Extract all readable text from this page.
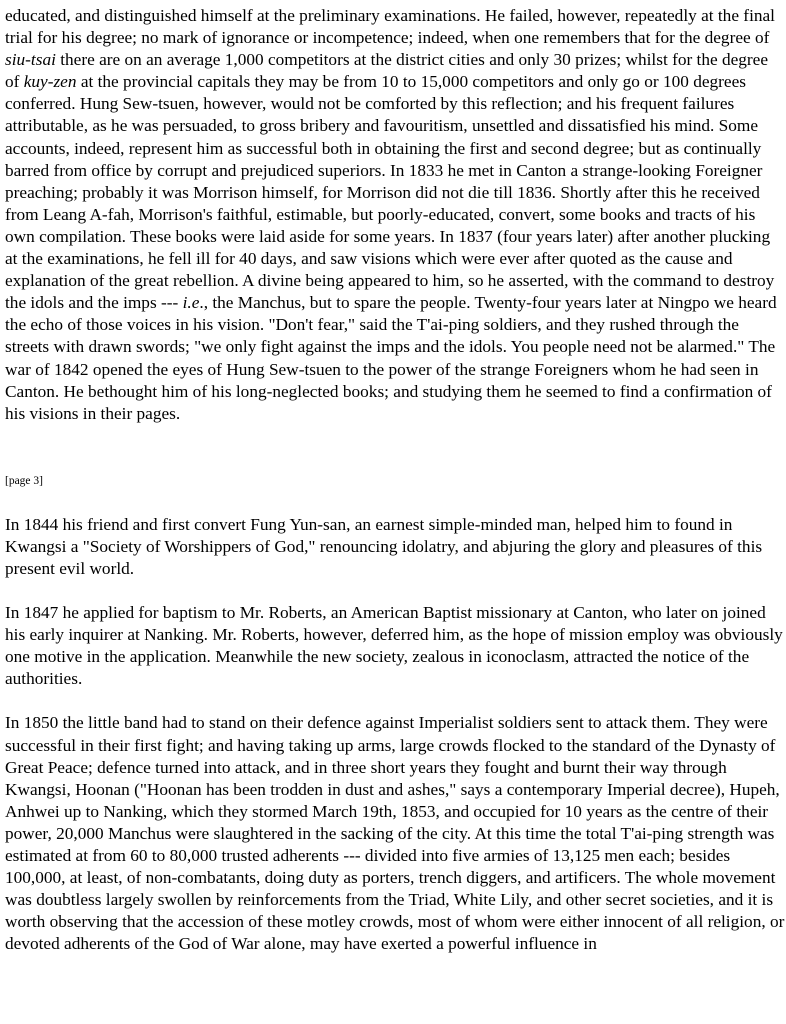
educated, and distinguished himself at the preliminary examinations. He failed, however, repeatedly at the final trial for his degree; no mark of ignorance or incompetence; indeed, when one remembers that for the degree of siu-tsai there are on an average 1,000 competitors at the district cities and only 30 prizes; whilst for the degree of kuy-zen at the provincial capitals they may be from 10 to 15,000 competitors and only go or 100 degrees conferred. Hung Sew-tsuen, however, would not be comforted by this reflection; and his frequent failures attributable, as he was persuaded, to gross bribery and favouritism, unsettled and dissatisfied his mind. Some accounts, indeed, represent him as successful both in obtaining the first and second degree; but as continually barred from office by corrupt and prejudiced superiors. In 1833 he met in Canton a strange-looking Foreigner preaching; probably it was Morrison himself, for Morrison did not die till 1836. Shortly after this he received from Leang A-fah, Morrison's faithful, estimable, but poorly-educated, convert, some books and tracts of his own compilation. These books were laid aside for some years. In 1837 (four years later) after another plucking at the examinations, he fell ill for 40 days, and saw visions which were ever after quoted as the cause and explanation of the great rebellion. A divine being appeared to him, so he asserted, with the command to destroy the idols and the imps --- i.e., the Manchus, but to spare the people. Twenty-four years later at Ningpo we heard the echo of those voices in his vision. "Don't fear," said the T'ai-ping soldiers, and they rushed through the streets with drawn swords; "we only fight against the imps and the idols. You people need not be alarmed." The war of 1842 opened the eyes of Hung Sew-tsuen to the power of the strange Foreigners whom he had seen in Canton. He bethought him of his long-neglected books; and studying them he seemed to find a confirmation of his visions in their pages.

[page 3]

In 1844 his friend and first convert Fung Yun-san, an earnest simple-minded man, helped him to found in Kwangsi a "Society of Worshippers of God," renouncing idolatry, and abjuring the glory and pleasures of this present evil world.

In 1847 he applied for baptism to Mr. Roberts, an American Baptist missionary at Canton, who later on joined his early inquirer at Nanking. Mr. Roberts, however, deferred him, as the hope of mission employ was obviously one motive in the application. Meanwhile the new society, zealous in iconoclasm, attracted the notice of the authorities.

In 1850 the little band had to stand on their defence against Imperialist soldiers sent to attack them. They were successful in their first fight; and having taking up arms, large crowds flocked to the standard of the Dynasty of Great Peace; defence turned into attack, and in three short years they fought and burnt their way through Kwangsi, Hoonan ("Hoonan has been trodden in dust and ashes," says a contemporary Imperial decree), Hupeh, Anhwei up to Nanking, which they stormed March 19th, 1853, and occupied for 10 years as the centre of their power, 20,000 Manchus were slaughtered in the sacking of the city. At this time the total T'ai-ping strength was estimated at from 60 to 80,000 trusted adherents --- divided into five armies of 13,125 men each; besides 100,000, at least, of non-combatants, doing duty as porters, trench diggers, and artificers. The whole movement was doubtless largely swollen by reinforcements from the Triad, White Lily, and other secret societies, and it is worth observing that the accession of these motley crowds, most of whom were either innocent of all religion, or devoted adherents of the God of War alone, may have exerted a powerful influence in
